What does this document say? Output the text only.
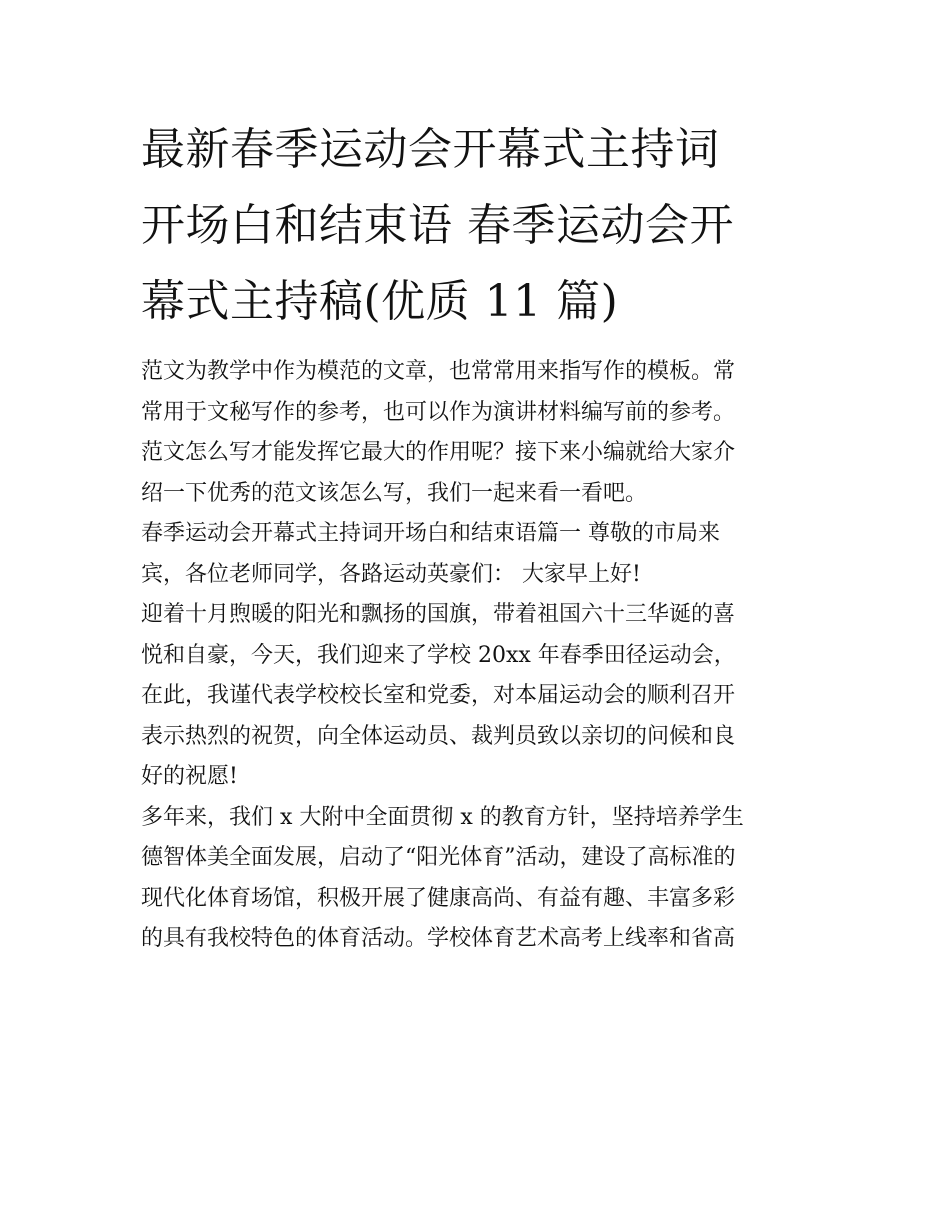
最新春季运动会开幕式主持词
开场白和结束语 春季运动会开
幕式主持稿(优质 11 篇)
范文为教学中作为模范的文章，也常常用来指写作的模板。常
常用于文秘写作的参考，也可以作为演讲材料编写前的参考。
范文怎么写才能发挥它最大的作用呢？接下来小编就给大家介
绍一下优秀的范文该怎么写，我们一起来看一看吧。
春季运动会开幕式主持词开场白和结束语篇一 尊敬的市局来
宾，各位老师同学，各路运动英豪们： 大家早上好!
迎着十月煦暖的阳光和飘扬的国旗，带着祖国六十三华诞的喜
悦和自豪，今天，我们迎来了学校 20xx 年春季田径运动会，
在此，我谨代表学校校长室和党委，对本届运动会的顺利召开
表示热烈的祝贺，向全体运动员、裁判员致以亲切的问候和良
好的祝愿!
多年来，我们 x 大附中全面贯彻 x 的教育方针，坚持培养学生
德智体美全面发展，启动了“阳光体育”活动，建设了高标准的
现代化体育场馆，积极开展了健康高尚、有益有趣、丰富多彩
的具有我校特色的体育活动。学校体育艺术高考上线率和省高
